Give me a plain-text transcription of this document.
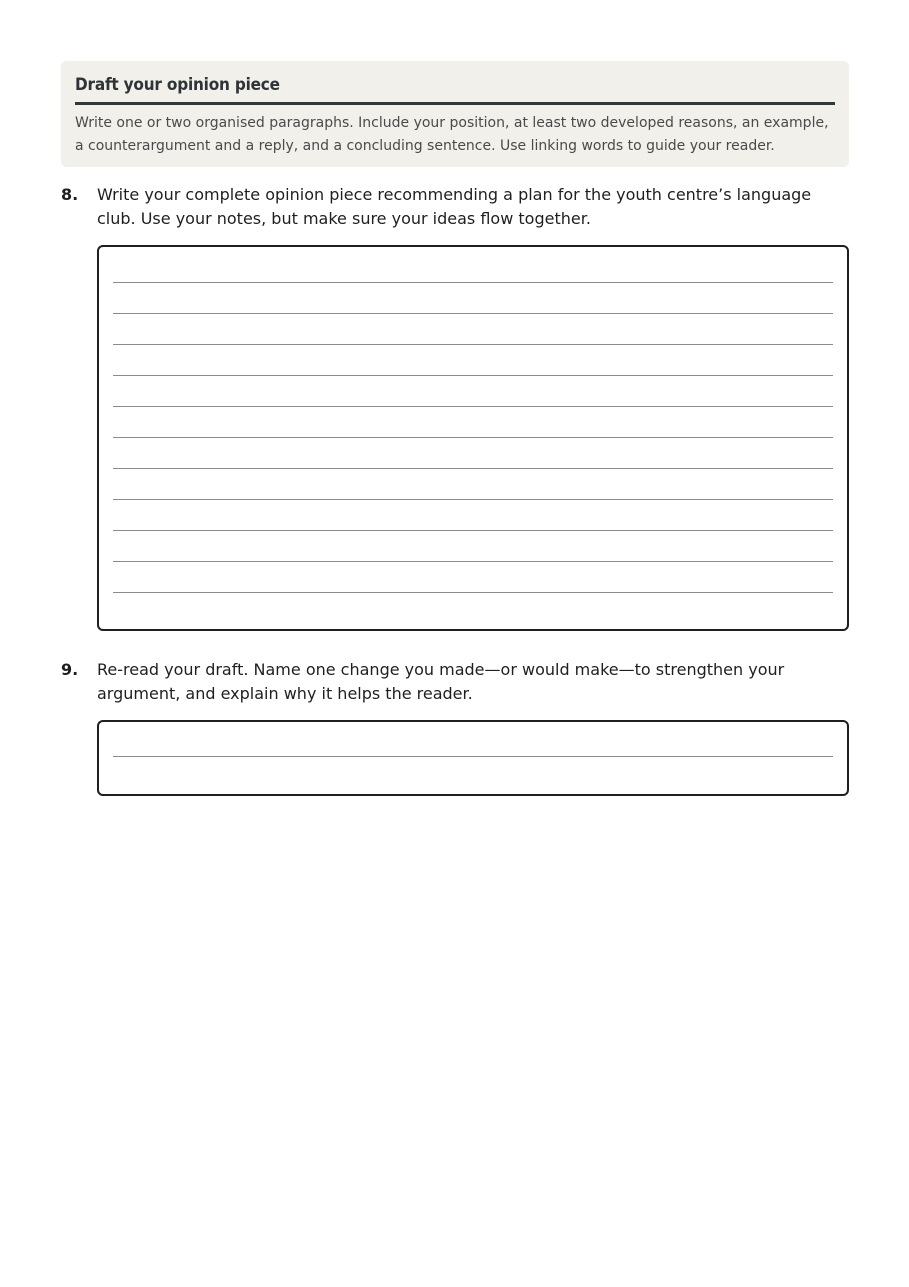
Draft your opinion piece

Write one or two organised paragraphs. Include your position, at least two developed reasons, an example, a counterargument and a reply, and a concluding sentence. Use linking words to guide your reader.

8. Write your complete opinion piece recommending a plan for the youth centre’s language club. Use your notes, but make sure your ideas flow together.

9. Re-read your draft. Name one change you made—or would make—to strengthen your argument, and explain why it helps the reader.
